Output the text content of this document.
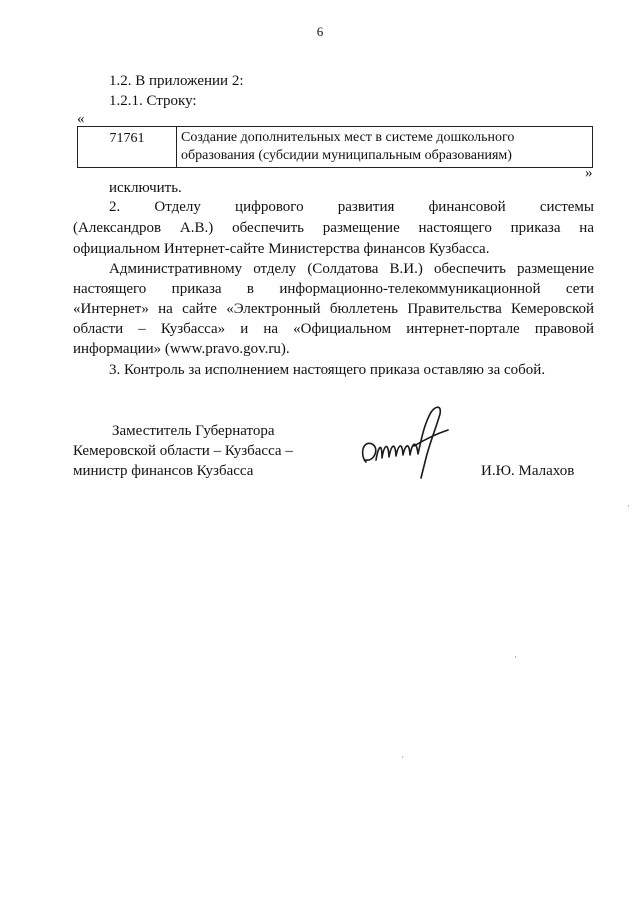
6
1.2. В приложении 2:
1.2.1. Строку:
«
71761	Создание дополнительных мест в системе дошкольного
образования (субсидии муниципальным образованиям)
»
исключить.
2. Отделу цифрового развития финансовой системы
(Александров А.В.) обеспечить размещение настоящего приказа на
официальном Интернет-сайте Министерства финансов Кузбасса.
Административному отделу (Солдатова В.И.) обеспечить размещение
настоящего приказа в информационно-телекоммуникационной сети
«Интернет» на сайте «Электронный бюллетень Правительства Кемеровской
области – Кузбасса» и на «Официальном интернет-портале правовой
информации» (www.pravo.gov.ru).
3. Контроль за исполнением настоящего приказа оставляю за собой.
Заместитель Губернатора
Кемеровской области – Кузбасса –
министр финансов Кузбасса	И.Ю. Малахов
